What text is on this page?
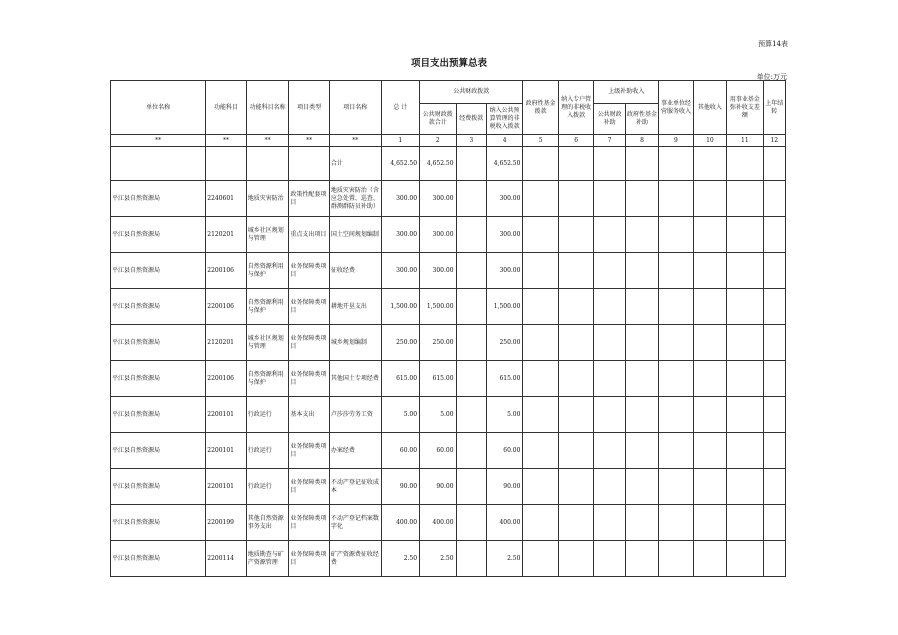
预算14表
项目支出预算总表
单位:万元
单位名称	功能科目	功能科目名称	项目类型	项目名称	总 计	公共财政拨款			政府性基金拨款	纳入专户管理的非税收入拨款	上级补助收入		事业单位经营服务收入	其他收入	用事业基金弥补收支差额	上年结转
						公共财政拨款合计	经费拨款	纳入公共预算管理的非税收入拨款			公共财政补助	政府性基金补助				
**	**	**	**	**	1	2	3	4	5	6	7	8	9	10	11	12
				合计	4,652.50	4,652.50		4,652.50								
平江县自然资源局	2240601	地质灾害防治	政策性配套项目	地质灾害防治（含应急处置、巡查、群测群防员补助）	300.00	300.00		300.00								
平江县自然资源局	2120201	城乡社区规划与管理	重点支出项目	国土空间规划编制	300.00	300.00		300.00								
平江县自然资源局	2200106	自然资源利用与保护	业务保障类项目	征收经费	300.00	300.00		300.00								
平江县自然资源局	2200106	自然资源利用与保护	业务保障类项目	耕地开垦支出	1,500.00	1,500.00		1,500.00								
平江县自然资源局	2120201	城乡社区规划与管理	业务保障类项目	城乡规划编制	250.00	250.00		250.00								
平江县自然资源局	2200106	自然资源利用与保护	业务保障类项目	其他国土专项经费	615.00	615.00		615.00								
平江县自然资源局	2200101	行政运行	基本支出	卢莎莎劳务工资	5.00	5.00		5.00								
平江县自然资源局	2200101	行政运行	业务保障类项目	办案经费	60.00	60.00		60.00								
平江县自然资源局	2200101	行政运行	业务保障类项目	不动产登记征收成本	90.00	90.00		90.00								
平江县自然资源局	2200199	其他自然资源事务支出	业务保障类项目	不动产登记档案数字化	400.00	400.00		400.00								
平江县自然资源局	2200114	地质勘查与矿产资源管理	业务保障类项目	矿产资源费征收经费	2.50	2.50		2.50								
